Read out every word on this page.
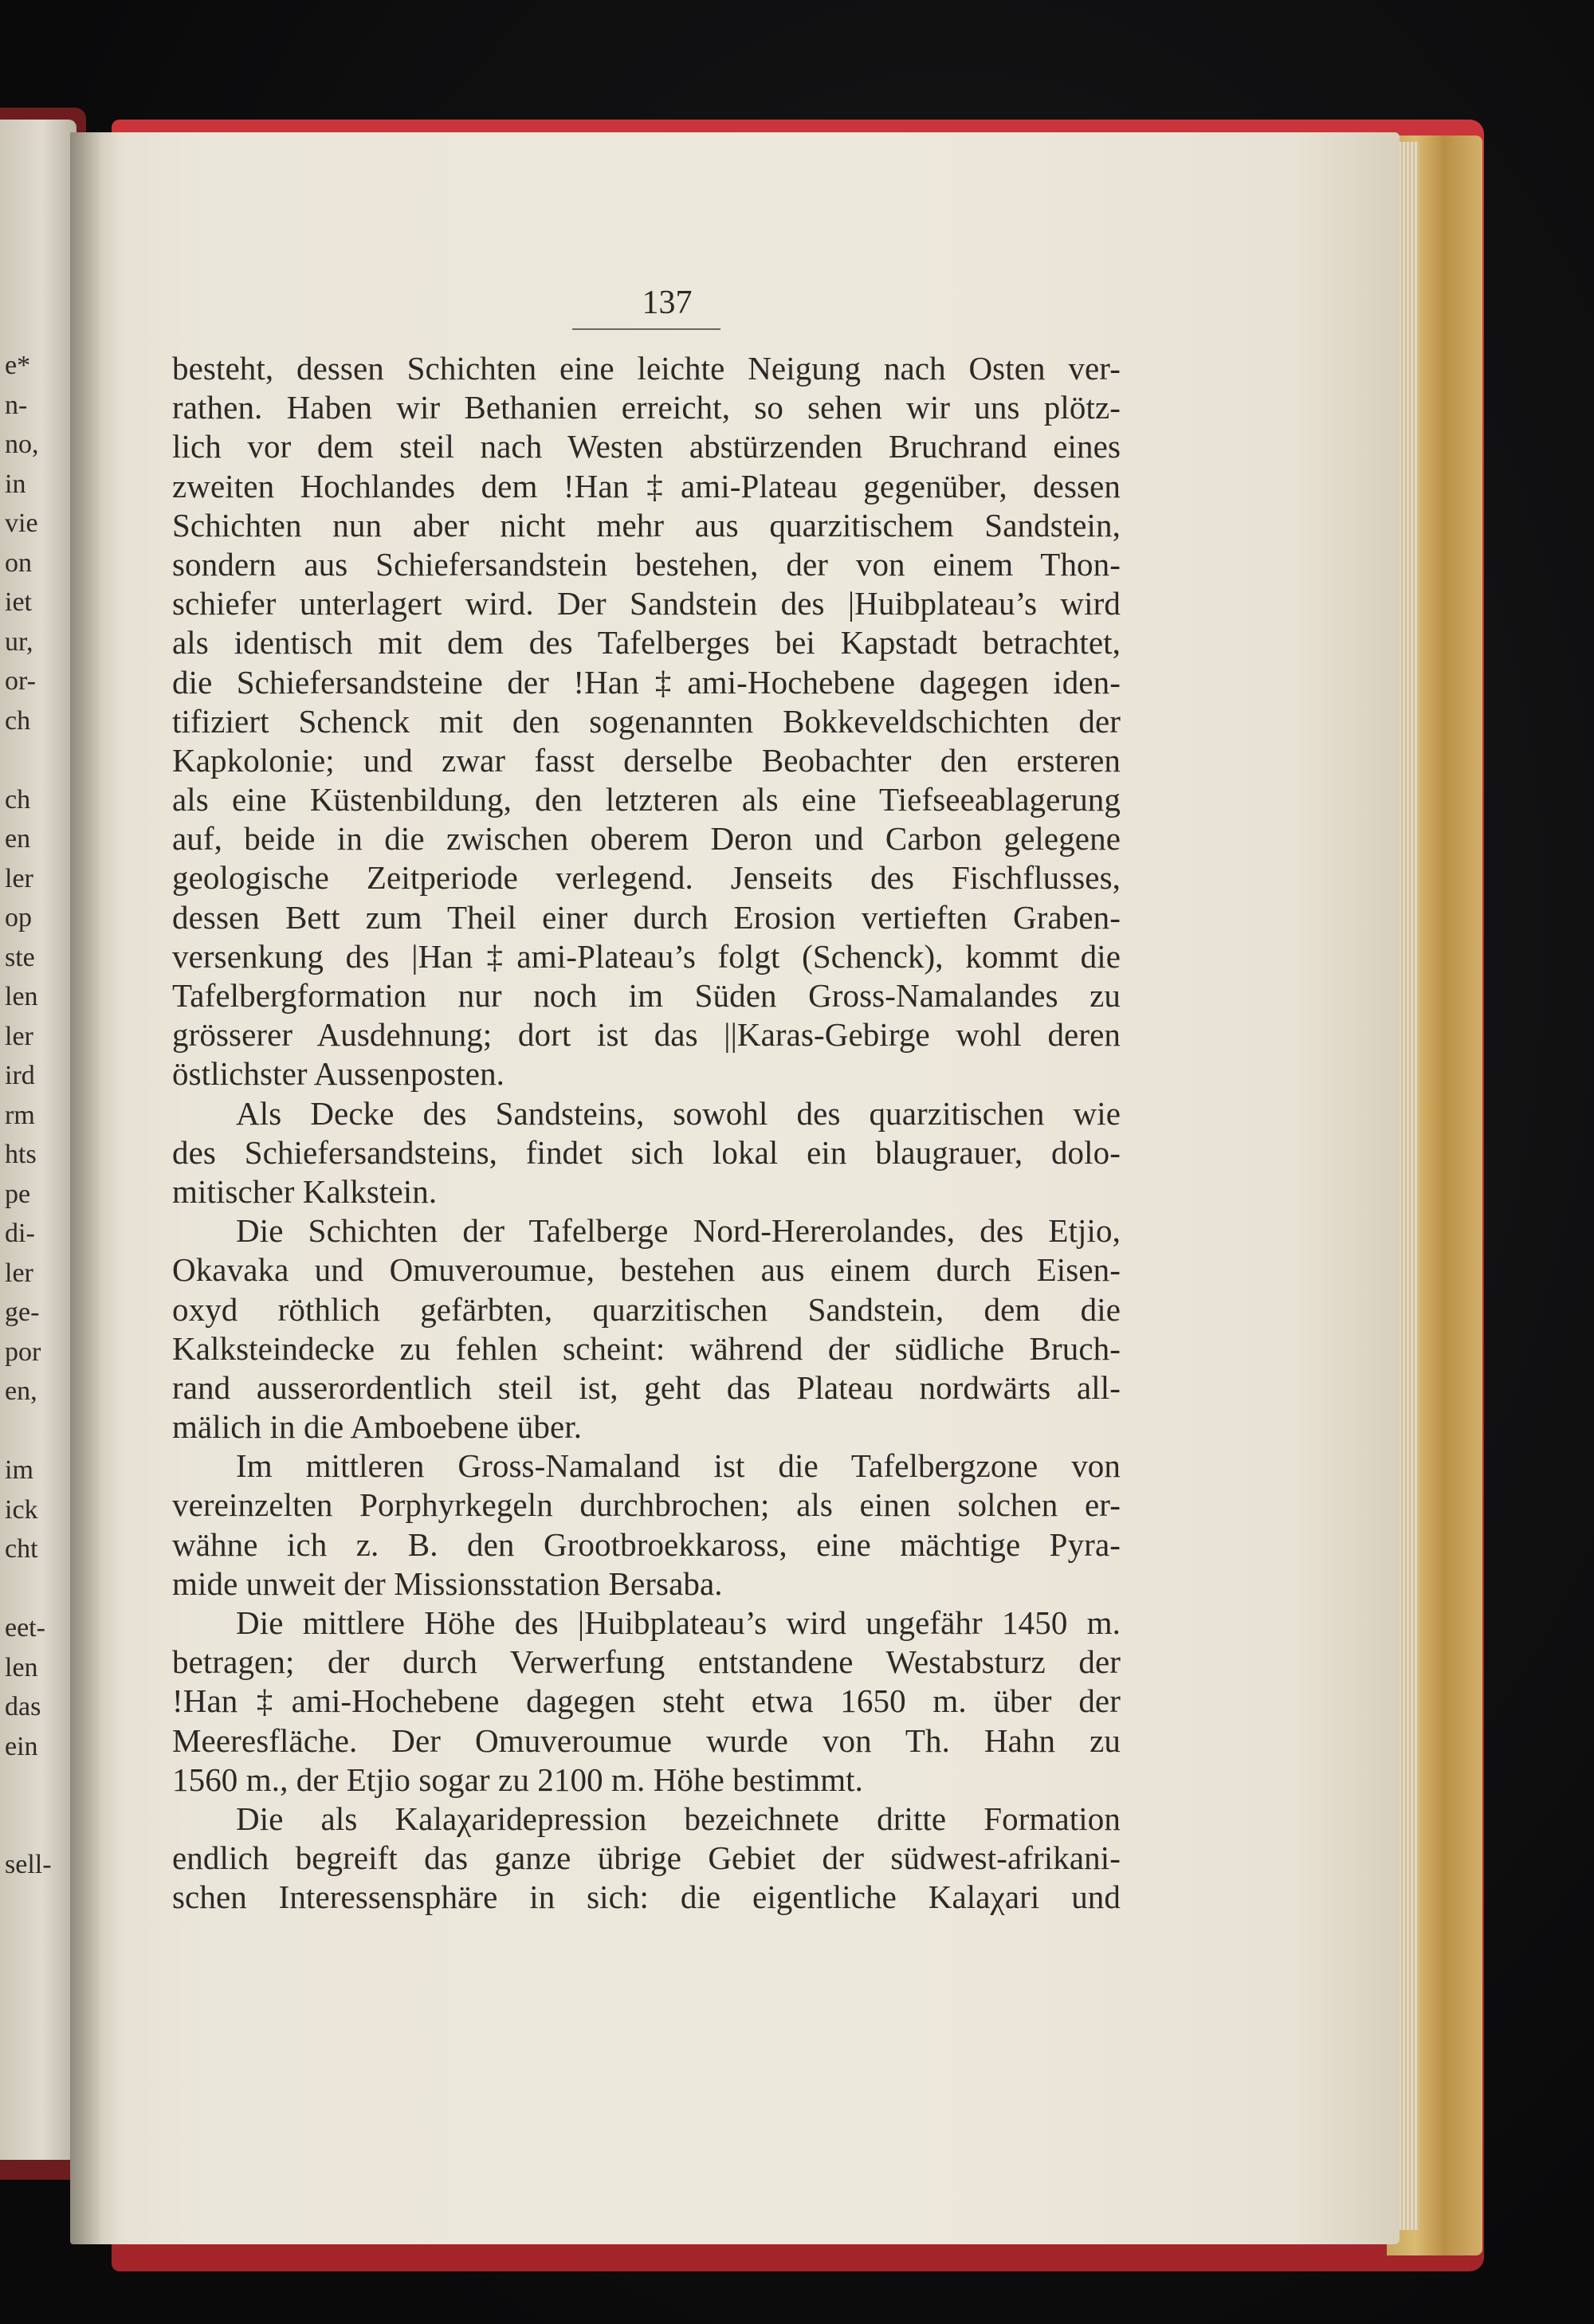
e*
n-
no,
in
vie
on
iet
ur,
or-
ch
ch
en
ler
op
ste
len
ler
ird
rm
hts
pe
di-
ler
ge-
por
en,
im
ick
cht
eet-
len
das
ein
sell-
137
besteht, dessen Schichten eine leichte Neigung nach Osten ver-
rathen. Haben wir Bethanien erreicht, so sehen wir uns plötz-
lich vor dem steil nach Westen abstürzenden Bruchrand eines
zweiten Hochlandes dem !Han‡ami-Plateau gegenüber, dessen
Schichten nun aber nicht mehr aus quarzitischem Sandstein,
sondern aus Schiefersandstein bestehen, der von einem Thon-
schiefer unterlagert wird. Der Sandstein des |Huibplateau’s wird
als identisch mit dem des Tafelberges bei Kapstadt betrachtet,
die Schiefersandsteine der !Han‡ami-Hochebene dagegen iden-
tifiziert Schenck mit den sogenannten Bokkeveldschichten der
Kapkolonie; und zwar fasst derselbe Beobachter den ersteren
als eine Küstenbildung, den letzteren als eine Tiefseeablagerung
auf, beide in die zwischen oberem Deron und Carbon gelegene
geologische Zeitperiode verlegend. Jenseits des Fischflusses,
dessen Bett zum Theil einer durch Erosion vertieften Graben-
versenkung des |Han‡ami-Plateau’s folgt (Schenck), kommt die
Tafelbergformation nur noch im Süden Gross-Namalandes zu
grösserer Ausdehnung; dort ist das ||Karas-Gebirge wohl deren
östlichster Aussenposten.
Als Decke des Sandsteins, sowohl des quarzitischen wie
des Schiefersandsteins, findet sich lokal ein blaugrauer, dolo-
mitischer Kalkstein.
Die Schichten der Tafelberge Nord-Hererolandes, des Etjio,
Okavaka und Omuveroumue, bestehen aus einem durch Eisen-
oxyd röthlich gefärbten, quarzitischen Sandstein, dem die
Kalksteindecke zu fehlen scheint: während der südliche Bruch-
rand ausserordentlich steil ist, geht das Plateau nordwärts all-
mälich in die Amboebene über.
Im mittleren Gross-Namaland ist die Tafelbergzone von
vereinzelten Porphyrkegeln durchbrochen; als einen solchen er-
wähne ich z. B. den Grootbroekkaross, eine mächtige Pyra-
mide unweit der Missionsstation Bersaba.
Die mittlere Höhe des |Huibplateau’s wird ungefähr 1450 m.
betragen; der durch Verwerfung entstandene Westabsturz der
!Han‡ami-Hochebene dagegen steht etwa 1650 m. über der
Meeresfläche. Der Omuveroumue wurde von Th. Hahn zu
1560 m., der Etjio sogar zu 2100 m. Höhe bestimmt.
Die als Kalaχaridepression bezeichnete dritte Formation
endlich begreift das ganze übrige Gebiet der südwest-afrikani-
schen Interessensphäre in sich: die eigentliche Kalaχari und
